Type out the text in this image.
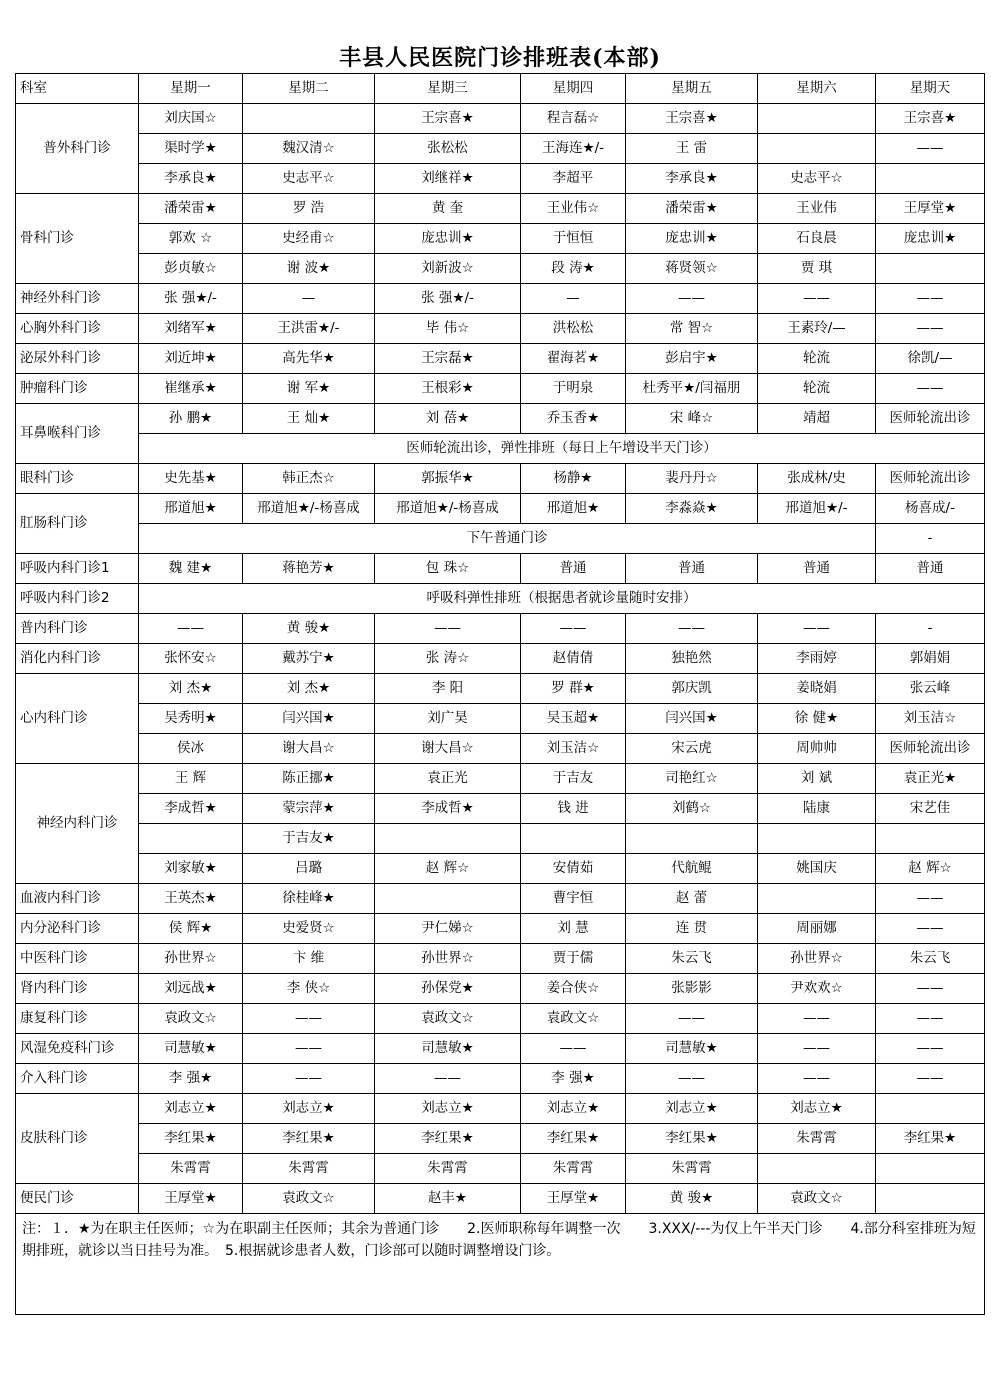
丰县人民医院门诊排班表(本部)
科室	星期一	星期二	星期三	星期四	星期五	星期六	星期天
普外科门诊	刘庆国☆		王宗喜★	程言磊☆	王宗喜★		王宗喜★
	渠时学★	魏汉清☆	张松松	王海连★/-	王 雷		——
	李承良★	史志平☆	刘继祥★	李超平	李承良★	史志平☆	
骨科门诊	潘荣雷★	罗 浩	黄 奎	王业伟☆	潘荣雷★	王业伟	王厚堂★
	郭欢 ☆	史经甫☆	庞忠训★	于恒恒	庞忠训★	石良晨	庞忠训★
	彭贞敏☆	谢 波★	刘新波☆	段 涛★	蒋贤领☆	贾 琪	
神经外科门诊	张 强★/-	—	张 强★/-	—	——	——	——
心胸外科门诊	刘绪军★	王洪雷★/-	毕 伟☆	洪松松	常 智☆	王素玲/—	——
泌尿外科门诊	刘近坤★	高先华★	王宗磊★	翟海茗★	彭启宇★	轮流	徐凯/—
肿瘤科门诊	崔继承★	谢 军★	王根彩★	于明泉	杜秀平★/闫福朋	轮流	——
耳鼻喉科门诊	孙 鹏★	王 灿★	刘 蓓★	乔玉香★	宋 峰☆	靖超	医师轮流出诊
	医师轮流出诊，弹性排班（每日上午增设半天门诊）						
眼科门诊	史先基★	韩正杰☆	郭振华★	杨静★	裴丹丹☆	张成林/史	医师轮流出诊
肛肠科门诊	邢道旭★	邢道旭★/-杨喜成	邢道旭★/-杨喜成	邢道旭★	李淼焱★	邢道旭★/-	杨喜成/-
	下午普通门诊						-
呼吸内科门诊1	魏 建★	蒋艳芳★	包 珠☆	普通	普通	普通	普通
呼吸内科门诊2	呼吸科弹性排班（根据患者就诊量随时安排）						
普内科门诊	——	黄 骏★	——	——	——	——	-
消化内科门诊	张怀安☆	戴苏宁★	张 涛☆	赵倩倩	独艳然	李雨婷	郭娟娟
心内科门诊	刘 杰★	刘 杰★	李 阳	罗 群★	郭庆凯	姜晓娟	张云峰
	吴秀明★	闫兴国★	刘广昊	吴玉超★	闫兴国★	徐 健★	刘玉洁☆
	侯冰	谢大昌☆	谢大昌☆	刘玉洁☆	宋云虎	周帅帅	医师轮流出诊
神经内科门诊	王 辉	陈正挪★	袁正光	于吉友	司艳红☆	刘 斌	袁正光★
	李成哲★	蒙宗萍★	李成哲★	钱 进	刘鹤☆	陆康	宋艺佳
		于吉友★					
	刘家敏★	吕璐	赵 辉☆	安倩茹	代航鲲	姚国庆	赵 辉☆
血液内科门诊	王英杰★	徐桂峰★		曹宇恒	赵 蕾		——
内分泌科门诊	侯 辉★	史爱贤☆	尹仁娣☆	刘 慧	连 贯	周丽娜	——
中医科门诊	孙世界☆	卞 维	孙世界☆	贾于儒	朱云飞	孙世界☆	朱云飞
肾内科门诊	刘远战★	李 侠☆	孙保党★	姜合侠☆	张影影	尹欢欢☆	——
康复科门诊	袁政文☆	——	袁政文☆	袁政文☆	——	——	——
风湿免疫科门诊	司慧敏★	——	司慧敏★	——	司慧敏★	——	——
介入科门诊	李 强★	——	——	李 强★	——	——	——
皮肤科门诊	刘志立★	刘志立★	刘志立★	刘志立★	刘志立★	刘志立★	
	李红果★	李红果★	李红果★	李红果★	李红果★	朱霄霄	李红果★
	朱霄霄	朱霄霄	朱霄霄	朱霄霄	朱霄霄		
便民门诊	王厚堂★	袁政文☆	赵丰★	王厚堂★	黄 骏★	袁政文☆	
注：１．★为在职主任医师；☆为在职副主任医师；其余为普通门诊　　2.医师职称每年调整一次　　3.XXX/---为仅上午半天门诊　　4.部分科室排班为短期排班，就诊以当日挂号为准。　5.根据就诊患者人数，门诊部可以随时调整增设门诊。							
